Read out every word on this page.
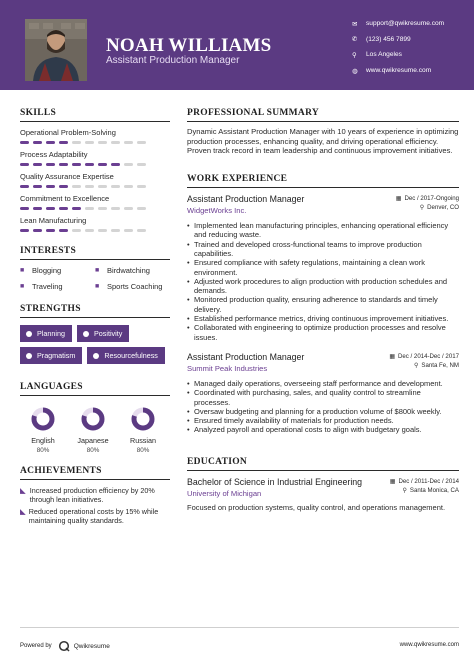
NOAH WILLIAMS
Assistant Production Manager
✉	support@qwikresume.com
✆	(123) 456 7899
⚲	Los Angeles
◍	www.qwikresume.com
SKILLS
Operational Problem-Solving
Process Adaptability
Quality Assurance Expertise
Commitment to Excellence
Lean Manufacturing
INTERESTS
■	Blogging	■	Birdwatching
■	Traveling	■	Sports Coaching
STRENGTHS
Planning	Positivity
Pragmatism	Resourcefulness
LANGUAGES
English
80%
Japanese
80%
Russian
80%
ACHIEVEMENTS
◣ Increased production efficiency by 20% through lean initiatives.
◣ Reduced operational costs by 15% while maintaining quality standards.
PROFESSIONAL SUMMARY
Dynamic Assistant Production Manager with 10 years of experience in optimizing production processes, enhancing quality, and driving operational efficiency. Proven track record in team leadership and continuous improvement initiatives.
WORK EXPERIENCE
Assistant Production Manager
WidgetWorks Inc.
▦ Dec / 2017-Ongoing
⚲ Denver, CO
• Implemented lean manufacturing principles, enhancing operational efficiency and reducing waste.
• Trained and developed cross-functional teams to improve production capabilities.
• Ensured compliance with safety regulations, maintaining a clean work environment.
• Adjusted work procedures to align production with production schedules and demands.
• Monitored production quality, ensuring adherence to standards and timely delivery.
• Established performance metrics, driving continuous improvement initiatives.
• Collaborated with engineering to optimize production processes and resolve issues.
Assistant Production Manager
Summit Peak Industries
▦ Dec / 2014-Dec / 2017
⚲ Santa Fe, NM
• Managed daily operations, overseeing staff performance and development.
• Coordinated with purchasing, sales, and quality control to streamline processes.
• Oversaw budgeting and planning for a production volume of $800k weekly.
• Ensured timely availability of materials for production needs.
• Analyzed payroll and operational costs to align with budgetary goals.
EDUCATION
Bachelor of Science in Industrial Engineering
University of Michigan
▦ Dec / 2011-Dec / 2014
⚲ Santa Monica, CA
Focused on production systems, quality control, and operations management.
Powered by	Qwikresume	www.qwikresume.com
